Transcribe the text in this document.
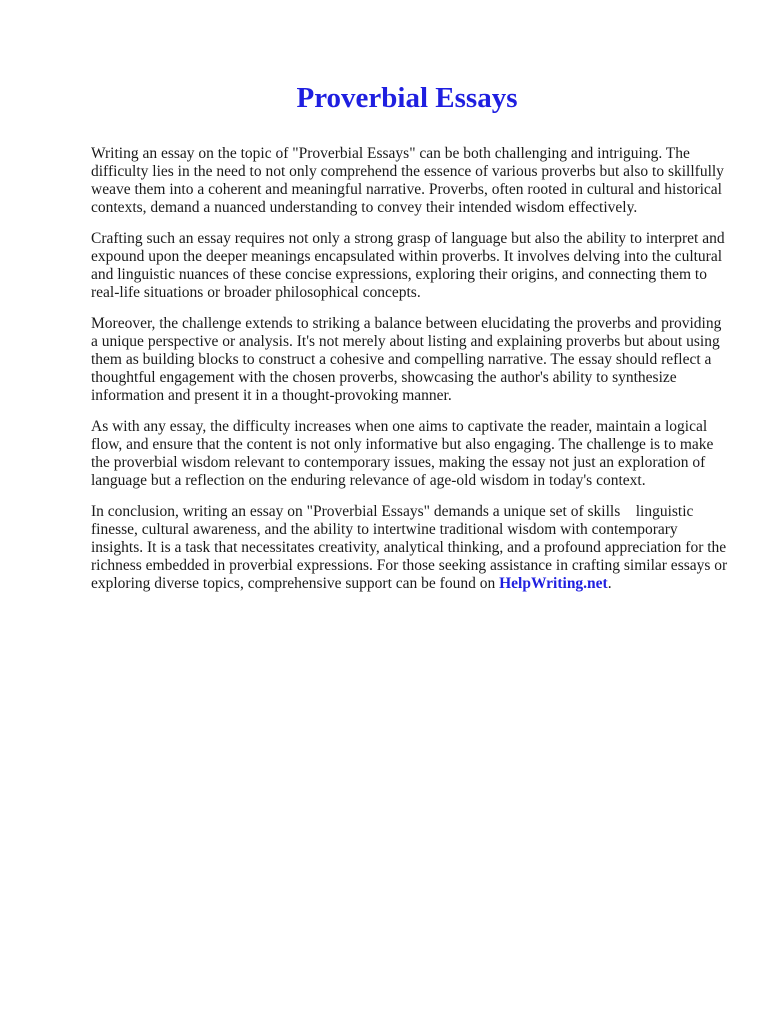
Proverbial Essays

Writing an essay on the topic of "Proverbial Essays" can be both challenging and intriguing. The difficulty lies in the need to not only comprehend the essence of various proverbs but also to skillfully weave them into a coherent and meaningful narrative. Proverbs, often rooted in cultural and historical contexts, demand a nuanced understanding to convey their intended wisdom effectively.

Crafting such an essay requires not only a strong grasp of language but also the ability to interpret and expound upon the deeper meanings encapsulated within proverbs. It involves delving into the cultural and linguistic nuances of these concise expressions, exploring their origins, and connecting them to real-life situations or broader philosophical concepts.

Moreover, the challenge extends to striking a balance between elucidating the proverbs and providing a unique perspective or analysis. It's not merely about listing and explaining proverbs but about using them as building blocks to construct a cohesive and compelling narrative. The essay should reflect a thoughtful engagement with the chosen proverbs, showcasing the author's ability to synthesize information and present it in a thought-provoking manner.

As with any essay, the difficulty increases when one aims to captivate the reader, maintain a logical flow, and ensure that the content is not only informative but also engaging. The challenge is to make the proverbial wisdom relevant to contemporary issues, making the essay not just an exploration of language but a reflection on the enduring relevance of age-old wisdom in today's context.

In conclusion, writing an essay on "Proverbial Essays" demands a unique set of skills    linguistic finesse, cultural awareness, and the ability to intertwine traditional wisdom with contemporary insights. It is a task that necessitates creativity, analytical thinking, and a profound appreciation for the richness embedded in proverbial expressions. For those seeking assistance in crafting similar essays or exploring diverse topics, comprehensive support can be found on HelpWriting.net.
